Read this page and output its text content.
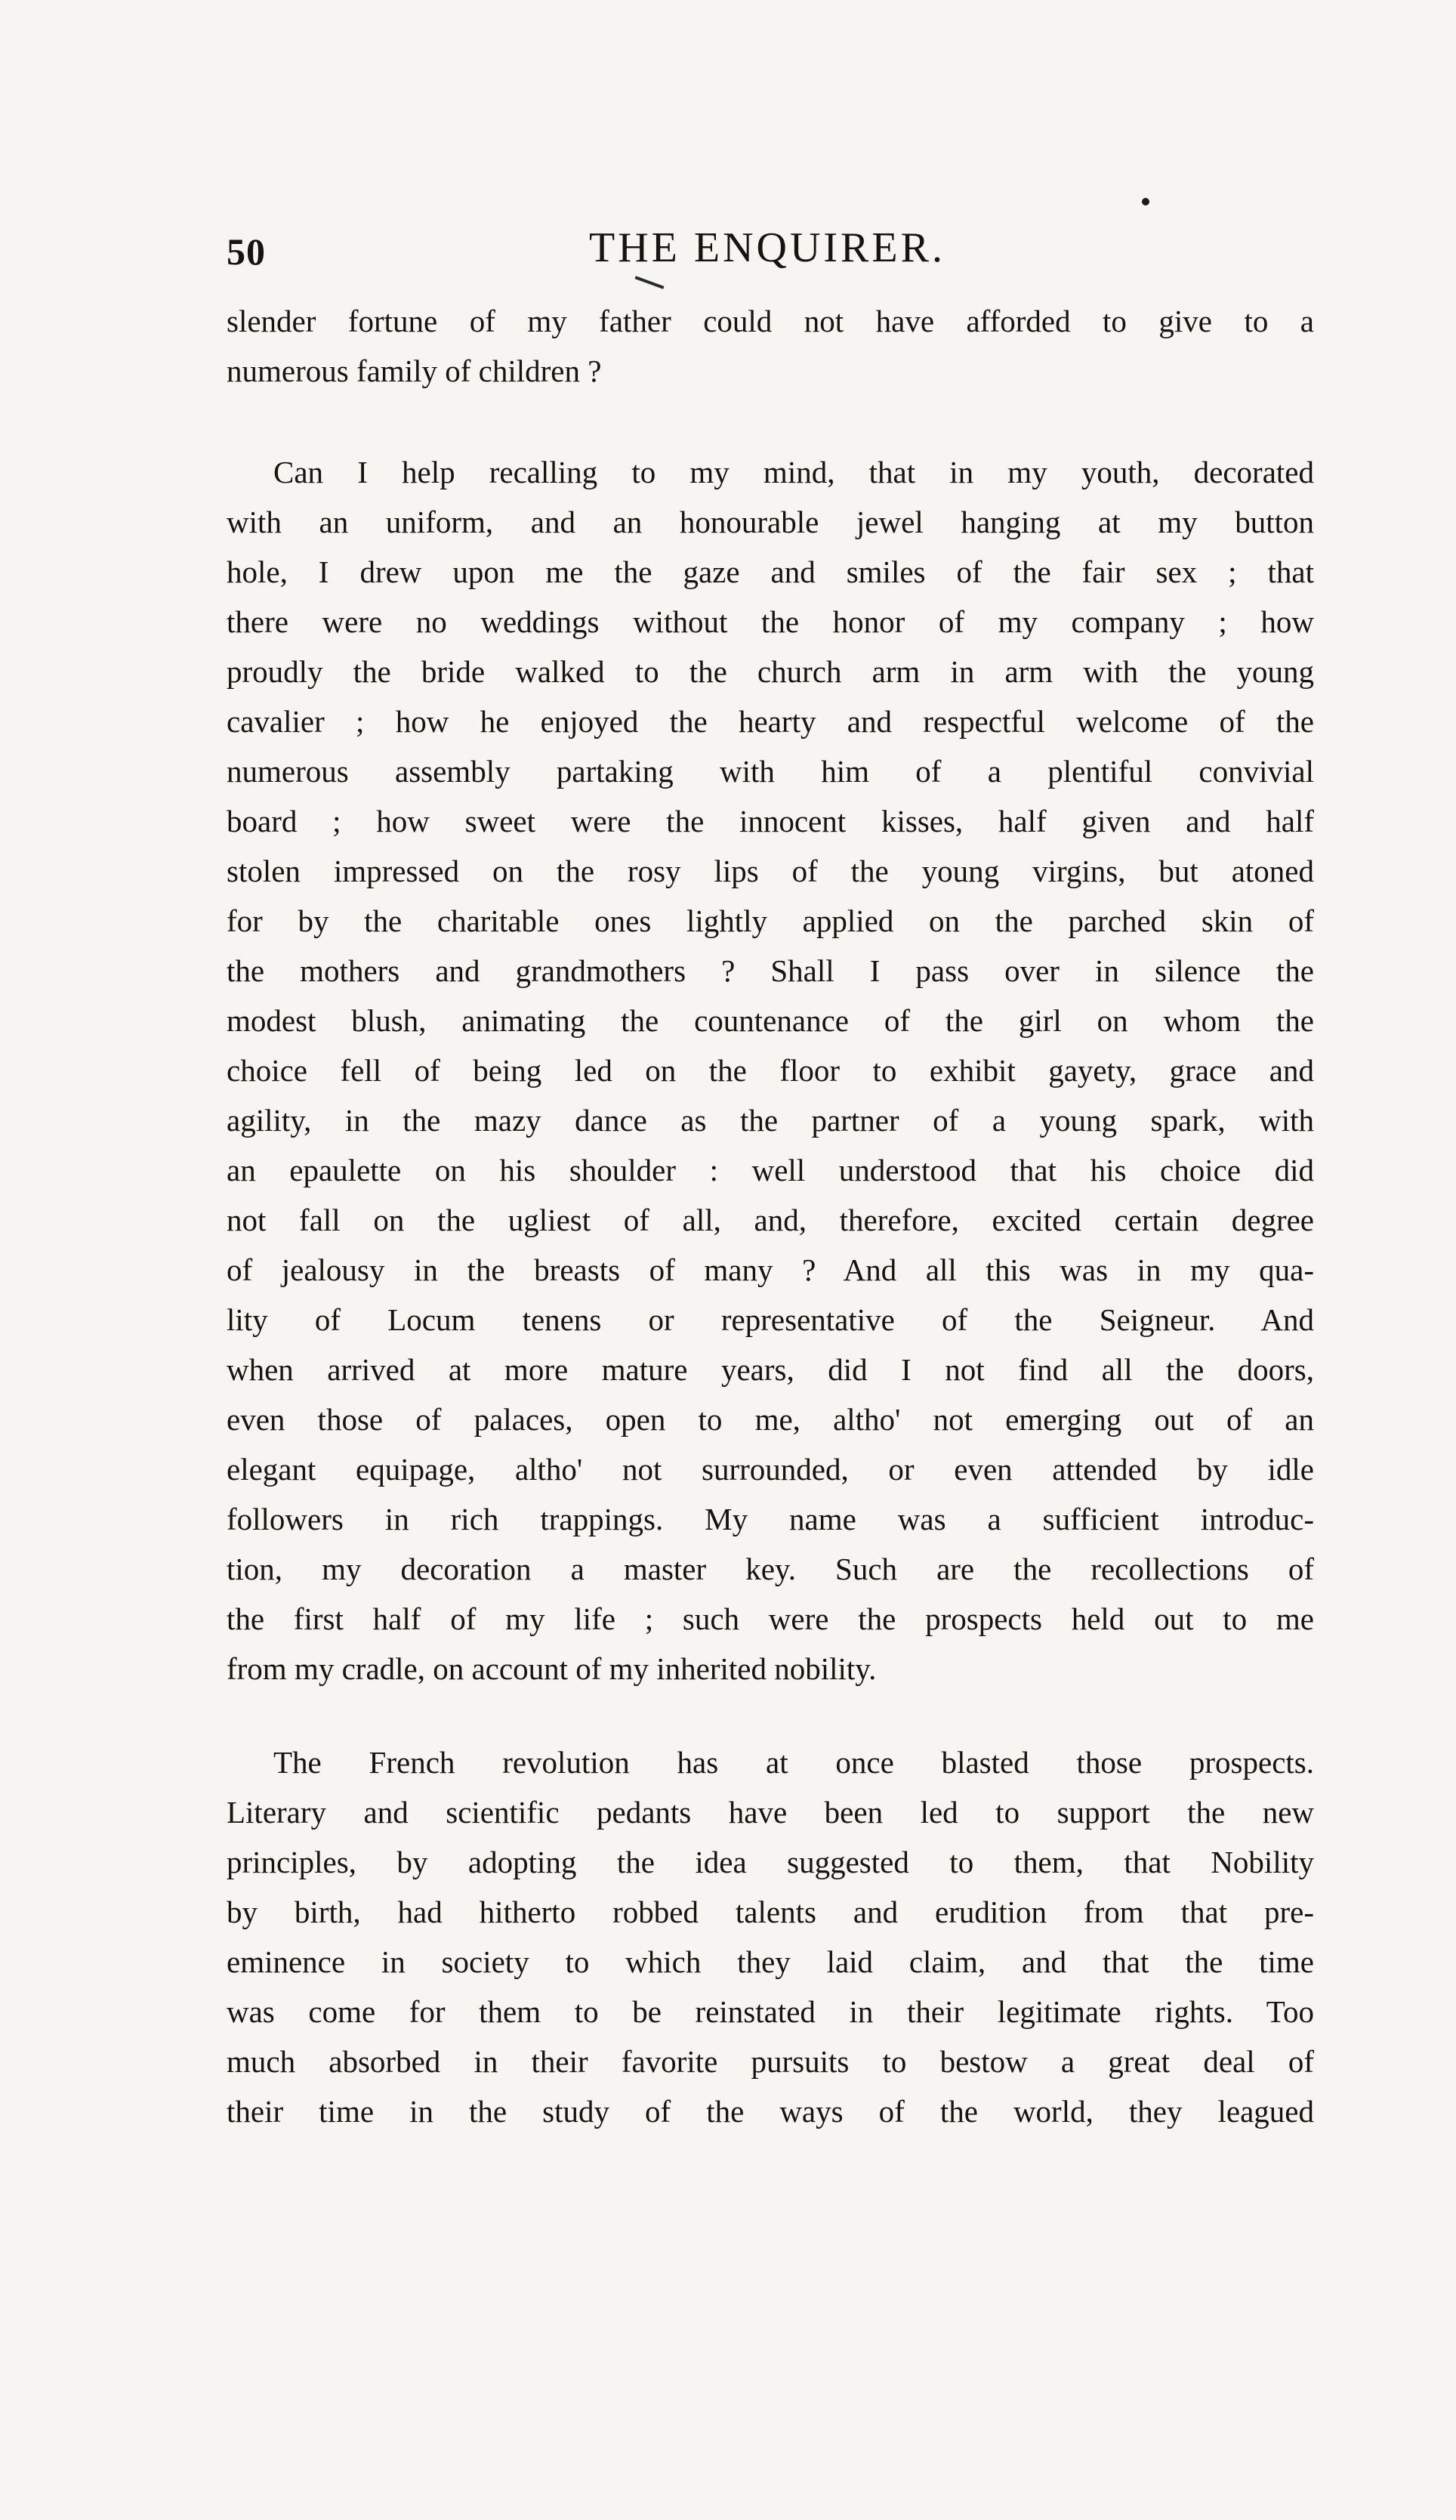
50	THE ENQUIRER.
slender fortune of my father could not have afforded to give to a
numerous family of children ?
Can I help recalling to my mind, that in my youth, decorated
with an uniform, and an honourable jewel hanging at my button
hole, I drew upon me the gaze and smiles of the fair sex ; that
there were no weddings without the honor of my company ; how
proudly the bride walked to the church arm in arm with the young
cavalier ; how he enjoyed the hearty and respectful welcome of the
numerous assembly partaking with him of a plentiful convivial
board ; how sweet were the innocent kisses, half given and half
stolen impressed on the rosy lips of the young virgins, but atoned
for by the charitable ones lightly applied on the parched skin of
the mothers and grandmothers ? Shall I pass over in silence the
modest blush, animating the countenance of the girl on whom the
choice fell of being led on the floor to exhibit gayety, grace and
agility, in the mazy dance as the partner of a young spark, with
an epaulette on his shoulder : well understood that his choice did
not fall on the ugliest of all, and, therefore, excited certain degree
of jealousy in the breasts of many ? And all this was in my qua-
lity of Locum tenens or representative of the Seigneur. And
when arrived at more mature years, did I not find all the doors,
even those of palaces, open to me, altho' not emerging out of an
elegant equipage, altho' not surrounded, or even attended by idle
followers in rich trappings. My name was a sufficient introduc-
tion, my decoration a master key. Such are the recollections of
the first half of my life ; such were the prospects held out to me
from my cradle, on account of my inherited nobility.
The French revolution has at once blasted those prospects.
Literary and scientific pedants have been led to support the new
principles, by adopting the idea suggested to them, that Nobility
by birth, had hitherto robbed talents and erudition from that pre-
eminence in society to which they laid claim, and that the time
was come for them to be reinstated in their legitimate rights. Too
much absorbed in their favorite pursuits to bestow a great deal of
their time in the study of the ways of the world, they leagued
